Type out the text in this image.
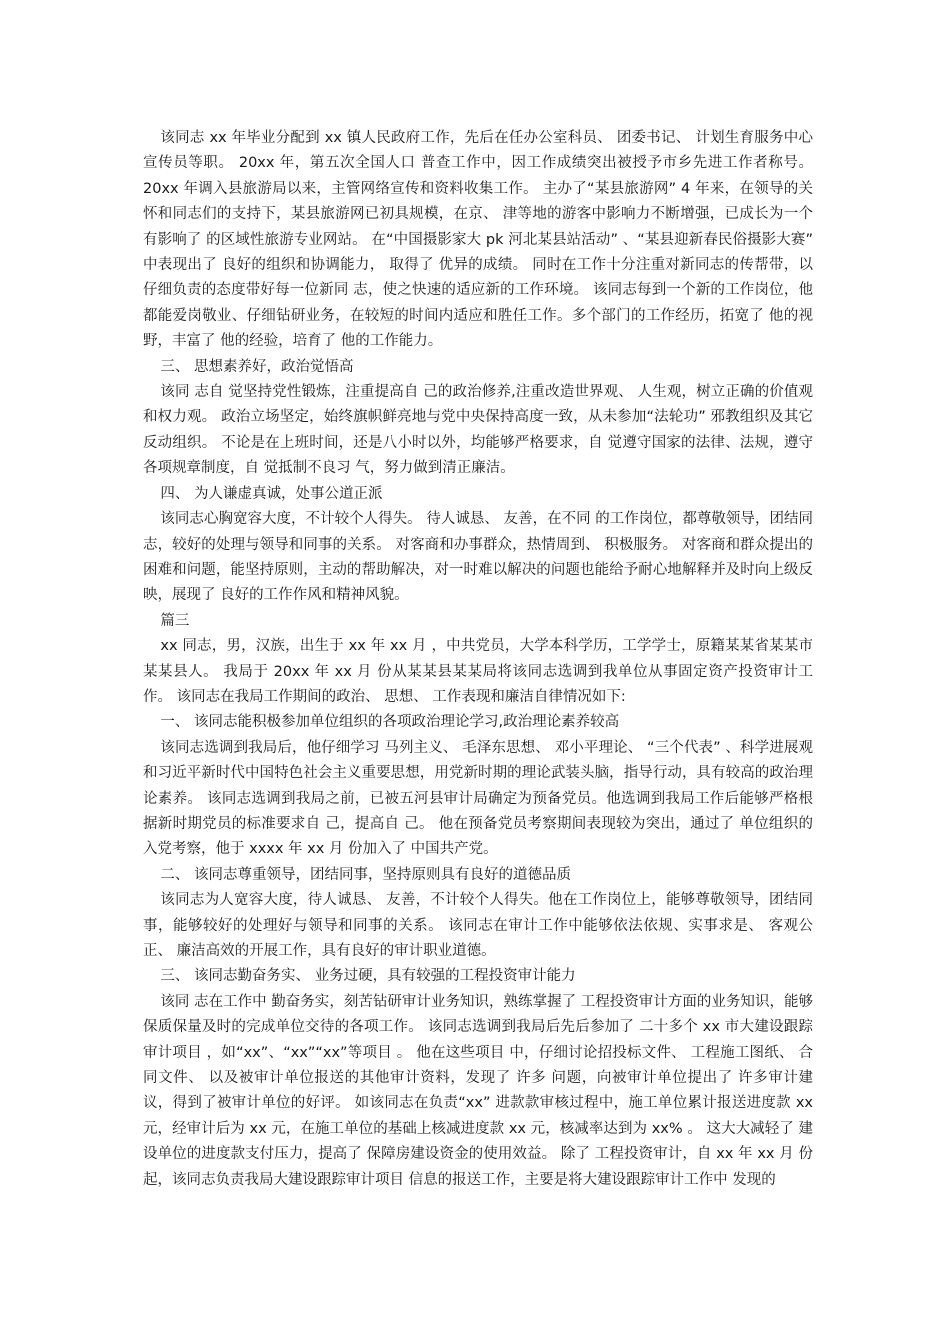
该同志 xx 年毕业分配到 xx 镇人民政府工作，先后在任办公室科员、 团委书记、 计划生育服务中心宣传员等职。 20xx 年，第五次全国人口 普查工作中，因工作成绩突出被授予市乡先进工作者称号。 20xx 年调入县旅游局以来，主管网络宣传和资料收集工作。 主办了“某县旅游网” 4 年来，在领导的关怀和同志们的支持下，某县旅游网已初具规模，在京、 津等地的游客中影响力不断增强，已成长为一个有影响了 的区域性旅游专业网站。 在“中国摄影家大 pk 河北某县站活动” 、“某县迎新春民俗摄影大赛” 中表现出了 良好的组织和协调能力， 取得了 优异的成绩。 同时在工作十分注重对新同志的传帮带，以仔细负责的态度带好每一位新同 志，使之快速的适应新的工作环境。 该同志每到一个新的工作岗位，他都能爱岗敬业、仔细钻研业务，在较短的时间内适应和胜任工作。多个部门的工作经历，拓宽了 他的视野，丰富了 他的经验，培育了 他的工作能力。

三、 思想素养好，政治觉悟高

该同 志自 觉坚持党性锻炼，注重提高自 己的政治修养,注重改造世界观、 人生观，树立正确的价值观和权力观。 政治立场坚定，始终旗帜鲜亮地与党中央保持高度一致，从未参加“法轮功” 邪教组织及其它反动组织。 不论是在上班时间，还是八小时以外，均能够严格要求，自 觉遵守国家的法律、法规，遵守各项规章制度，自 觉抵制不良习 气，努力做到清正廉洁。

四、 为人谦虚真诚，处事公道正派

该同志心胸宽容大度，不计较个人得失。 待人诚恳、 友善，在不同 的工作岗位，都尊敬领导，团结同志，较好的处理与领导和同事的关系。 对客商和办事群众，热情周到、 积极服务。 对客商和群众提出的困难和问题，能坚持原则，主动的帮助解决，对一时难以解决的问题也能给予耐心地解释并及时向上级反映，展现了 良好的工作作风和精神风貌。

篇三

xx 同志，男，汉族，出生于 xx 年 xx 月 ，中共党员，大学本科学历，工学学士，原籍某某省某某市某某县人。 我局于 20xx 年 xx 月 份从某某县某某局将该同志选调到我单位从事固定资产投资审计工作。 该同志在我局工作期间的政治、 思想、 工作表现和廉洁自律情况如下:

一、 该同志能积极参加单位组织的各项政治理论学习,政治理论素养较高

该同志选调到我局后，他仔细学习 马列主义、 毛泽东思想、 邓小平理论、 “三个代表” 、科学进展观和习近平新时代中国特色社会主义重要思想，用党新时期的理论武装头脑，指导行动，具有较高的政治理论素养。 该同志选调到我局之前，已被五河县审计局确定为预备党员。他选调到我局工作后能够严格根据新时期党员的标准要求自 己，提高自 己。 他在预备党员考察期间表现较为突出，通过了 单位组织的入党考察，他于 xxxx 年 xx 月 份加入了 中国共产党。

二、 该同志尊重领导，团结同事，坚持原则具有良好的道德品质

该同志为人宽容大度，待人诚恳、 友善，不计较个人得失。他在工作岗位上，能够尊敬领导，团结同事，能够较好的处理好与领导和同事的关系。 该同志在审计工作中能够依法依规、实事求是、 客观公正、 廉洁高效的开展工作，具有良好的审计职业道德。

三、 该同志勤奋务实、 业务过硬，具有较强的工程投资审计能力

该同 志在工作中 勤奋务实，刻苦钻研审计业务知识，熟练掌握了 工程投资审计方面的业务知识，能够保质保量及时的完成单位交待的各项工作。 该同志选调到我局后先后参加了 二十多个 xx 市大建设跟踪审计项目 ，如“xx”、“xx”“xx”等项目 。 他在这些项目 中，仔细讨论招投标文件、 工程施工图纸、 合同文件、 以及被审计单位报送的其他审计资料，发现了 许多 问题，向被审计单位提出了 许多审计建议，得到了被审计单位的好评。 如该同志在负责“xx” 进款款审核过程中，施工单位累计报送进度款 xx 元，经审计后为 xx 元，在施工单位的基础上核减进度款 xx 元，核减率达到为 xx% 。 这大大减轻了 建设单位的进度款支付压力，提高了 保障房建设资金的使用效益。 除了 工程投资审计，自 xx 年 xx 月 份起，该同志负责我局大建设跟踪审计项目 信息的报送工作，主要是将大建设跟踪审计工作中 发现的
